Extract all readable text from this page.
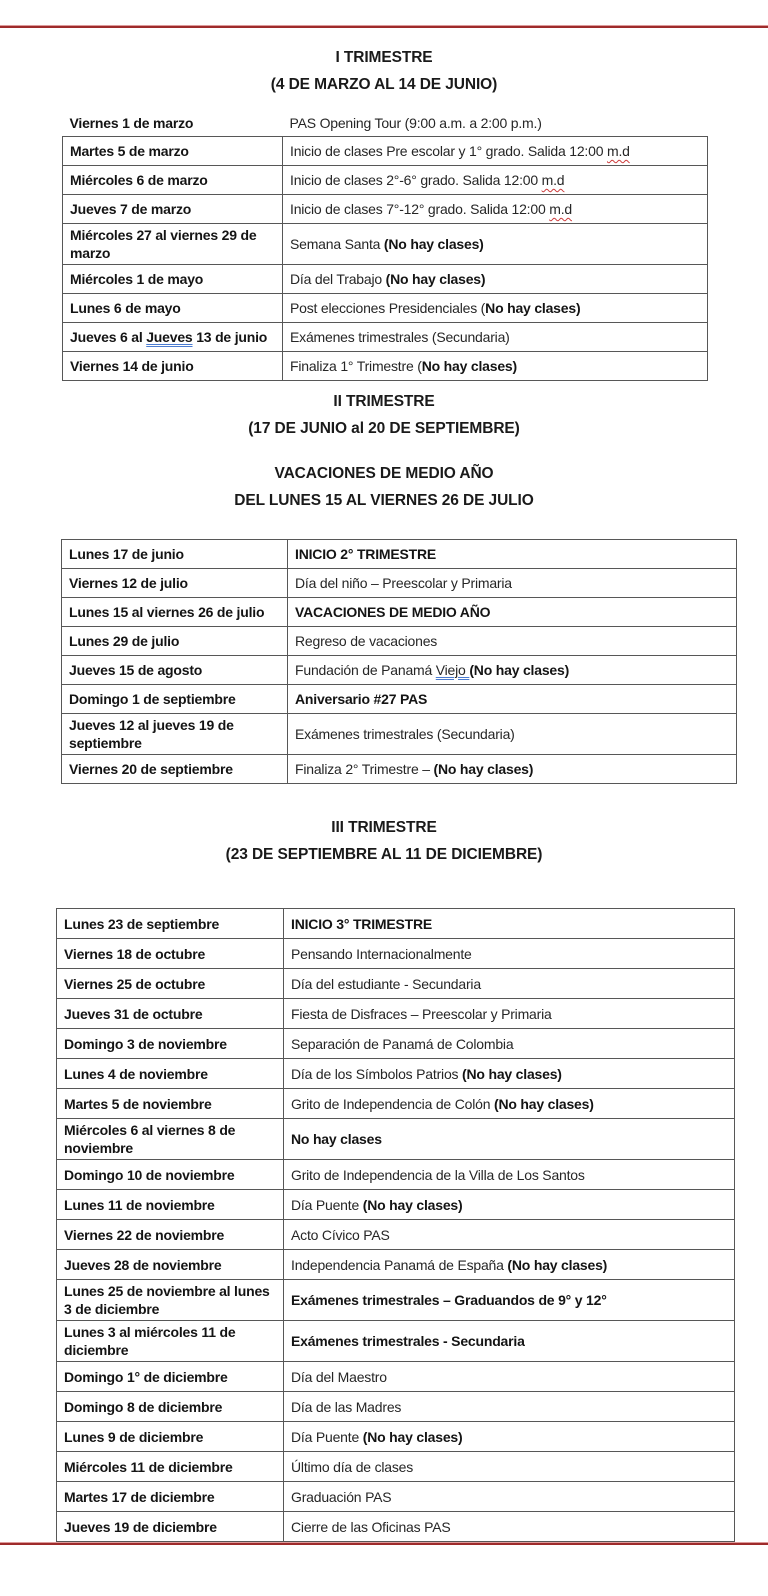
I TRIMESTRE
(4 DE MARZO AL 14 DE JUNIO)
Viernes 1 de marzo	PAS Opening Tour (9:00 a.m. a 2:00 p.m.)
Martes 5 de marzo	Inicio de clases Pre escolar y 1° grado. Salida 12:00 m.d
Miércoles 6 de marzo	Inicio de clases 2°-6° grado. Salida 12:00 m.d
Jueves 7 de marzo	Inicio de clases 7°-12° grado. Salida 12:00 m.d
Miércoles 27 al viernes 29 de marzo	Semana Santa (No hay clases)
Miércoles 1 de mayo	Día del Trabajo (No hay clases)
Lunes 6 de mayo	Post elecciones Presidenciales (No hay clases)
Jueves 6 al Jueves 13 de junio	Exámenes trimestrales (Secundaria)
Viernes 14 de junio	Finaliza 1° Trimestre (No hay clases)
II TRIMESTRE
(17 DE JUNIO al 20 DE SEPTIEMBRE)
VACACIONES DE MEDIO AÑO
DEL LUNES 15 AL VIERNES 26 DE JULIO
Lunes 17 de junio	INICIO 2° TRIMESTRE
Viernes 12 de julio	Día del niño – Preescolar y Primaria
Lunes 15 al viernes 26 de julio	VACACIONES DE MEDIO AÑO
Lunes 29 de julio	Regreso de vacaciones
Jueves 15 de agosto	Fundación de Panamá Viejo (No hay clases)
Domingo 1 de septiembre	Aniversario #27 PAS
Jueves 12 al jueves 19 de septiembre	Exámenes trimestrales (Secundaria)
Viernes 20 de septiembre	Finaliza 2° Trimestre – (No hay clases)
III TRIMESTRE
(23 DE SEPTIEMBRE AL 11 DE DICIEMBRE)
Lunes 23 de septiembre	INICIO 3° TRIMESTRE
Viernes 18 de octubre	Pensando Internacionalmente
Viernes 25 de octubre	Día del estudiante - Secundaria
Jueves 31 de octubre	Fiesta de Disfraces – Preescolar y Primaria
Domingo 3 de noviembre	Separación de Panamá de Colombia
Lunes 4 de noviembre	Día de los Símbolos Patrios (No hay clases)
Martes 5 de noviembre	Grito de Independencia de Colón (No hay clases)
Miércoles 6 al viernes 8 de noviembre	No hay clases
Domingo 10 de noviembre	Grito de Independencia de la Villa de Los Santos
Lunes 11 de noviembre	Día Puente (No hay clases)
Viernes 22 de noviembre	Acto Cívico PAS
Jueves 28 de noviembre	Independencia Panamá de España (No hay clases)
Lunes 25 de noviembre al lunes 3 de diciembre	Exámenes trimestrales – Graduandos de 9° y 12°
Lunes 3 al miércoles 11 de diciembre	Exámenes trimestrales - Secundaria
Domingo 1° de diciembre	Día del Maestro
Domingo 8 de diciembre	Día de las Madres
Lunes 9 de diciembre	Día Puente (No hay clases)
Miércoles 11 de diciembre	Último día de clases
Martes 17 de diciembre	Graduación PAS
Jueves 19 de diciembre	Cierre de las Oficinas PAS
